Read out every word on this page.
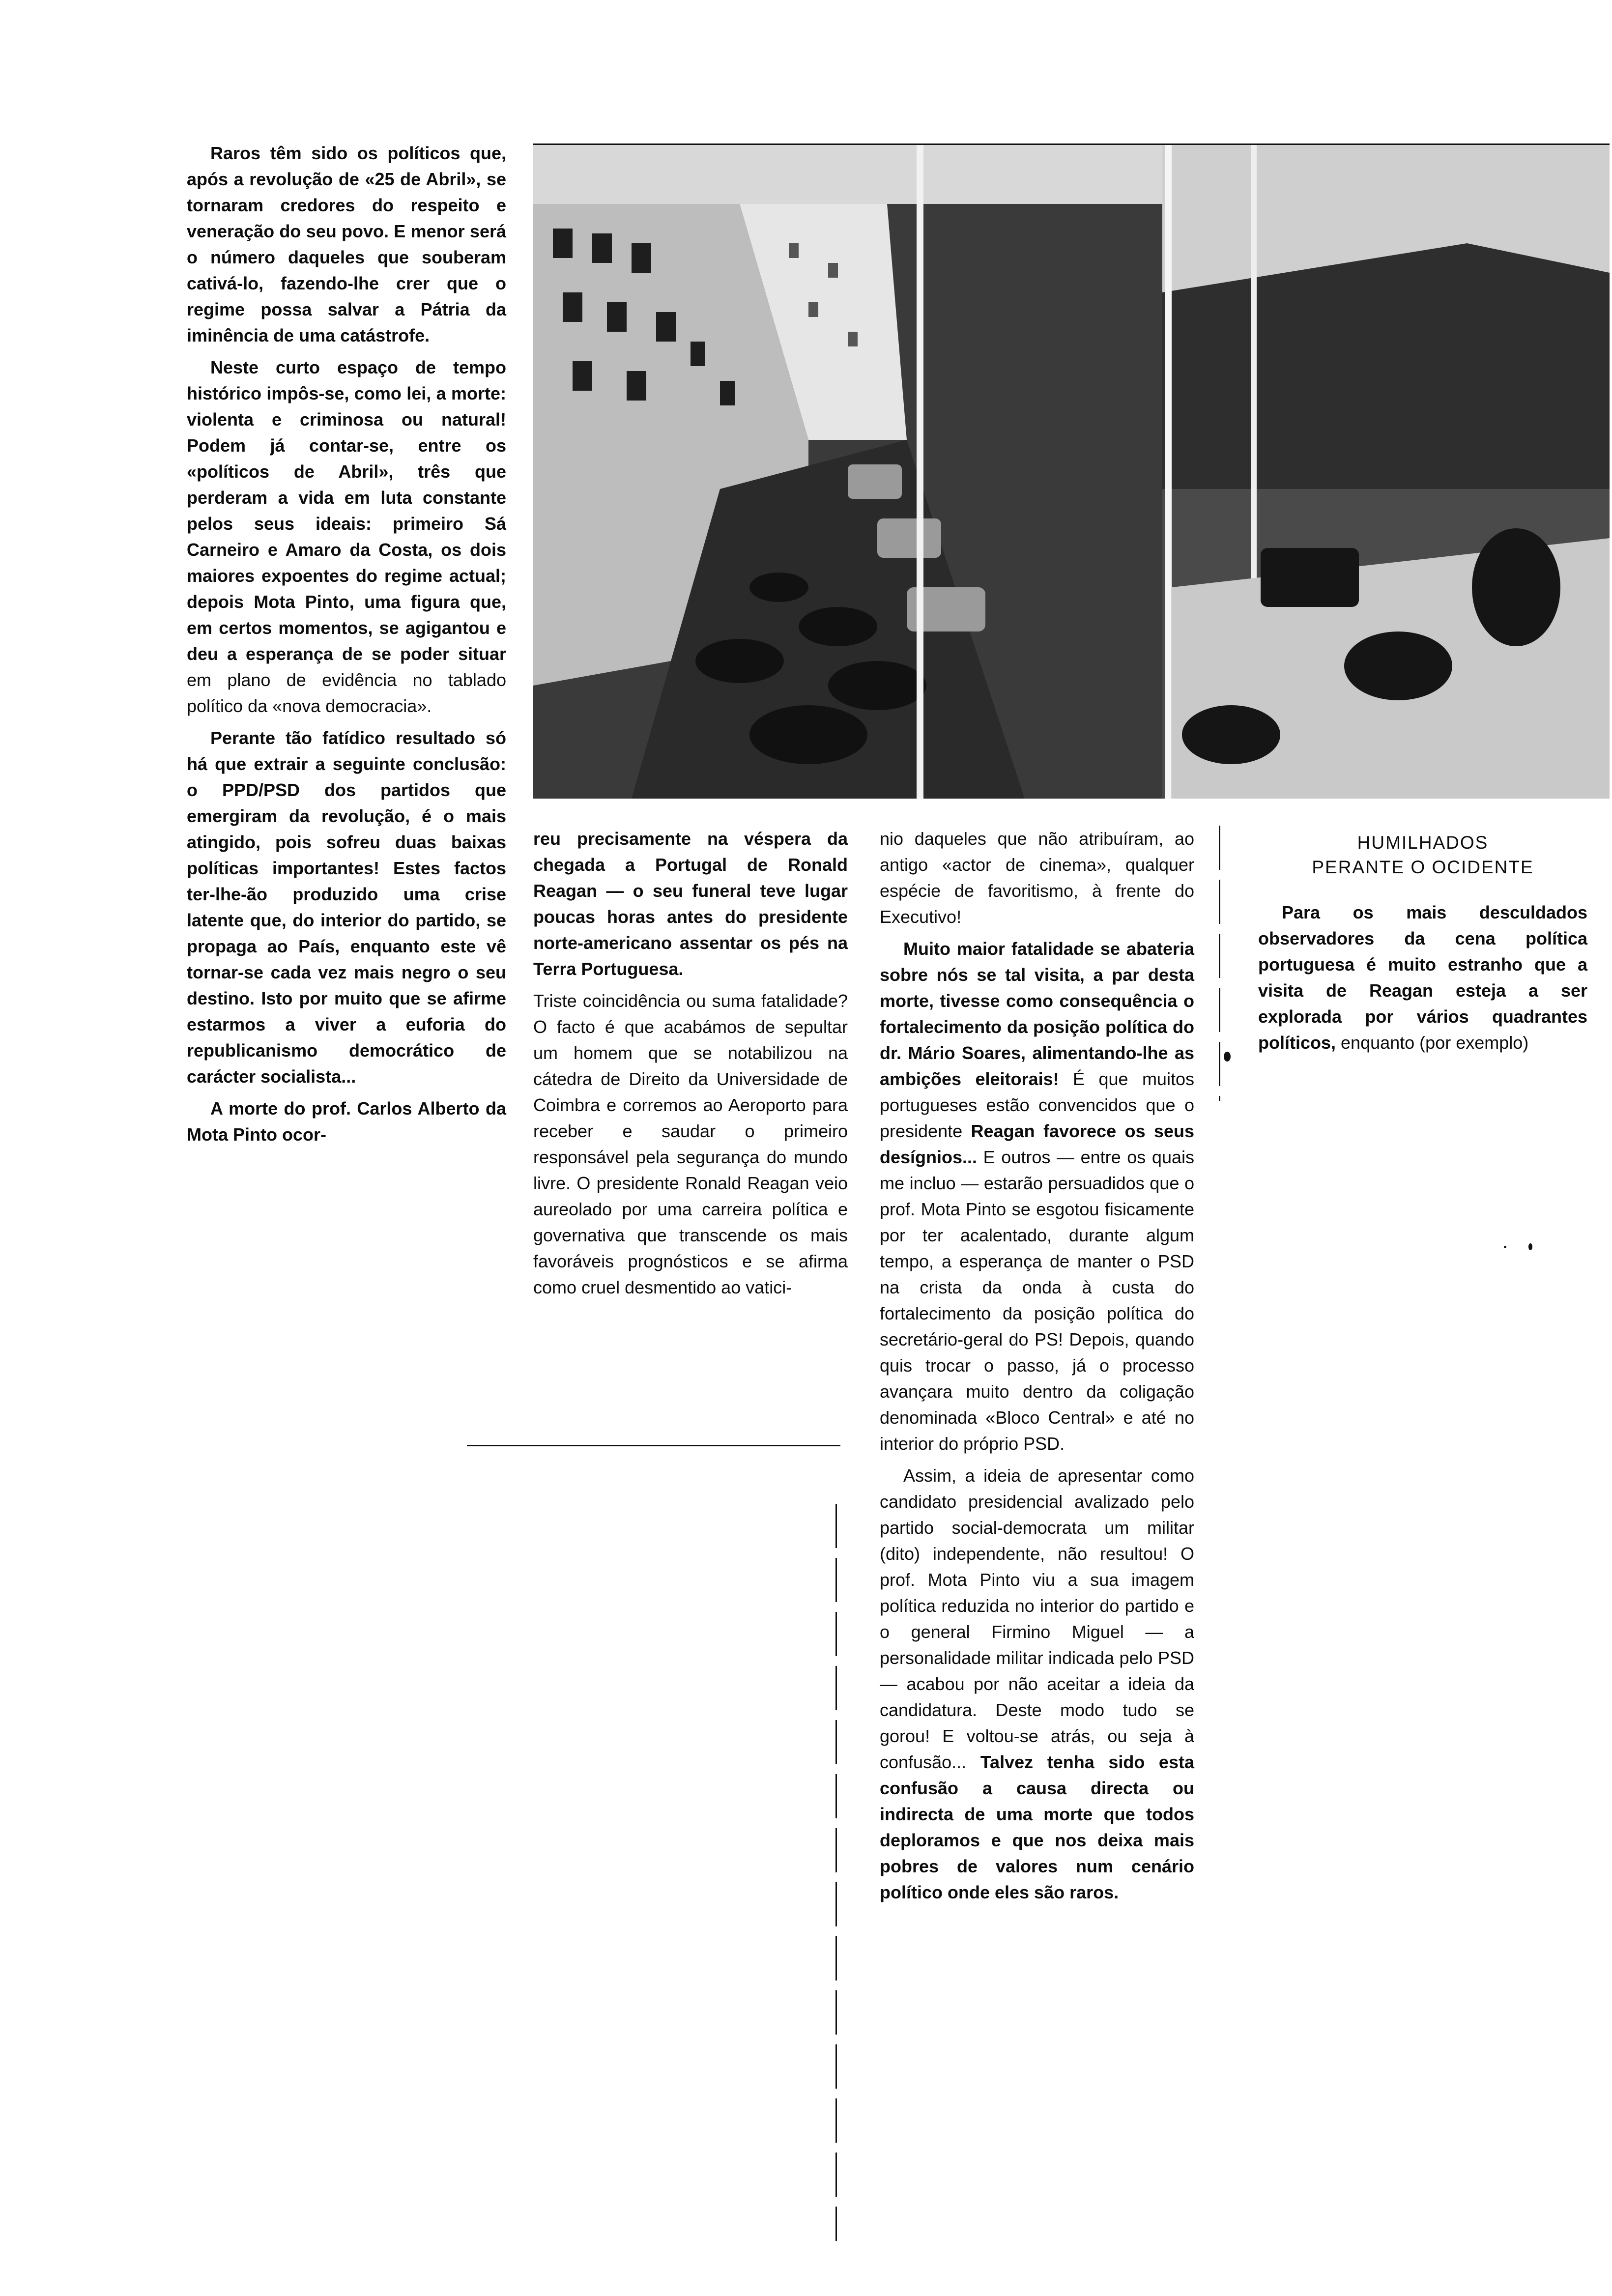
Raros têm sido os políticos que, após a revolução de «25 de Abril», se tornaram credores do respeito e veneração do seu povo. E menor será o número daqueles que souberam cativá-lo, fazendo-lhe crer que o regime possa salvar a Pátria da iminência de uma catástrofe.

Neste curto espaço de tempo histórico impôs-se, como lei, a morte: violenta e criminosa ou natural! Podem já contar-se, entre os «políticos de Abril», três que perderam a vida em luta constante pelos seus ideais: primeiro Sá Carneiro e Amaro da Costa, os dois maiores expoentes do regime actual; depois Mota Pinto, uma figura que, em certos momentos, se agigantou e deu a esperança de se poder situar em plano de evidência no tablado político da «nova democracia».

Perante tão fatídico resultado só há que extrair a seguinte conclusão: o PPD/PSD dos partidos que emergiram da revolução, é o mais atingido, pois sofreu duas baixas políticas importantes! Estes factos ter-lhe-ão produzido uma crise latente que, do interior do partido, se propaga ao País, enquanto este vê tornar-se cada vez mais negro o seu destino. Isto por muito que se afirme estarmos a viver a euforia do republicanismo democrático de carácter socialista...

A morte do prof. Carlos Alberto da Mota Pinto ocor-

reu precisamente na véspera da chegada a Portugal de Ronald Reagan — o seu funeral teve lugar poucas horas antes do presidente norte-americano assentar os pés na Terra Portuguesa.

Triste coincidência ou suma fatalidade? O facto é que acabámos de sepultar um homem que se notabilizou na cátedra de Direito da Universidade de Coimbra e corremos ao Aeroporto para receber e saudar o primeiro responsável pela segurança do mundo livre. O presidente Ronald Reagan veio aureolado por uma carreira política e governativa que transcende os mais favoráveis prognósticos e se afirma como cruel desmentido ao vatici-

nio daqueles que não atribuíram, ao antigo «actor de cinema», qualquer espécie de favoritismo, à frente do Executivo!

Muito maior fatalidade se abateria sobre nós se tal visita, a par desta morte, tivesse como consequência o fortalecimento da posição política do dr. Mário Soares, alimentando-lhe as ambições eleitorais! É que muitos portugueses estão convencidos que o presidente Reagan favorece os seus desígnios... E outros — entre os quais me incluo — estarão persuadidos que o prof. Mota Pinto se esgotou fisicamente por ter acalentado, durante algum tempo, a esperança de manter o PSD na crista da onda à custa do fortalecimento da posição política do secretário-geral do PS! Depois, quando quis trocar o passo, já o processo avançara muito dentro da coligação denominada «Bloco Central» e até no interior do próprio PSD.

Assim, a ideia de apresentar como candidato presidencial avalizado pelo partido social-democrata um militar (dito) independente, não resultou! O prof. Mota Pinto viu a sua imagem política reduzida no interior do partido e o general Firmino Miguel — a personalidade militar indicada pelo PSD — acabou por não aceitar a ideia da candidatura. Deste modo tudo se gorou! E voltou-se atrás, ou seja à confusão... Talvez tenha sido esta confusão a causa directa ou indirecta de uma morte que todos deploramos e que nos deixa mais pobres de valores num cenário político onde eles são raros.

HUMILHADOS
PERANTE O OCIDENTE

Para os mais desculdados observadores da cena política portuguesa é muito estranho que a visita de Reagan esteja a ser explorada por vários quadrantes políticos, enquanto (por exemplo)
